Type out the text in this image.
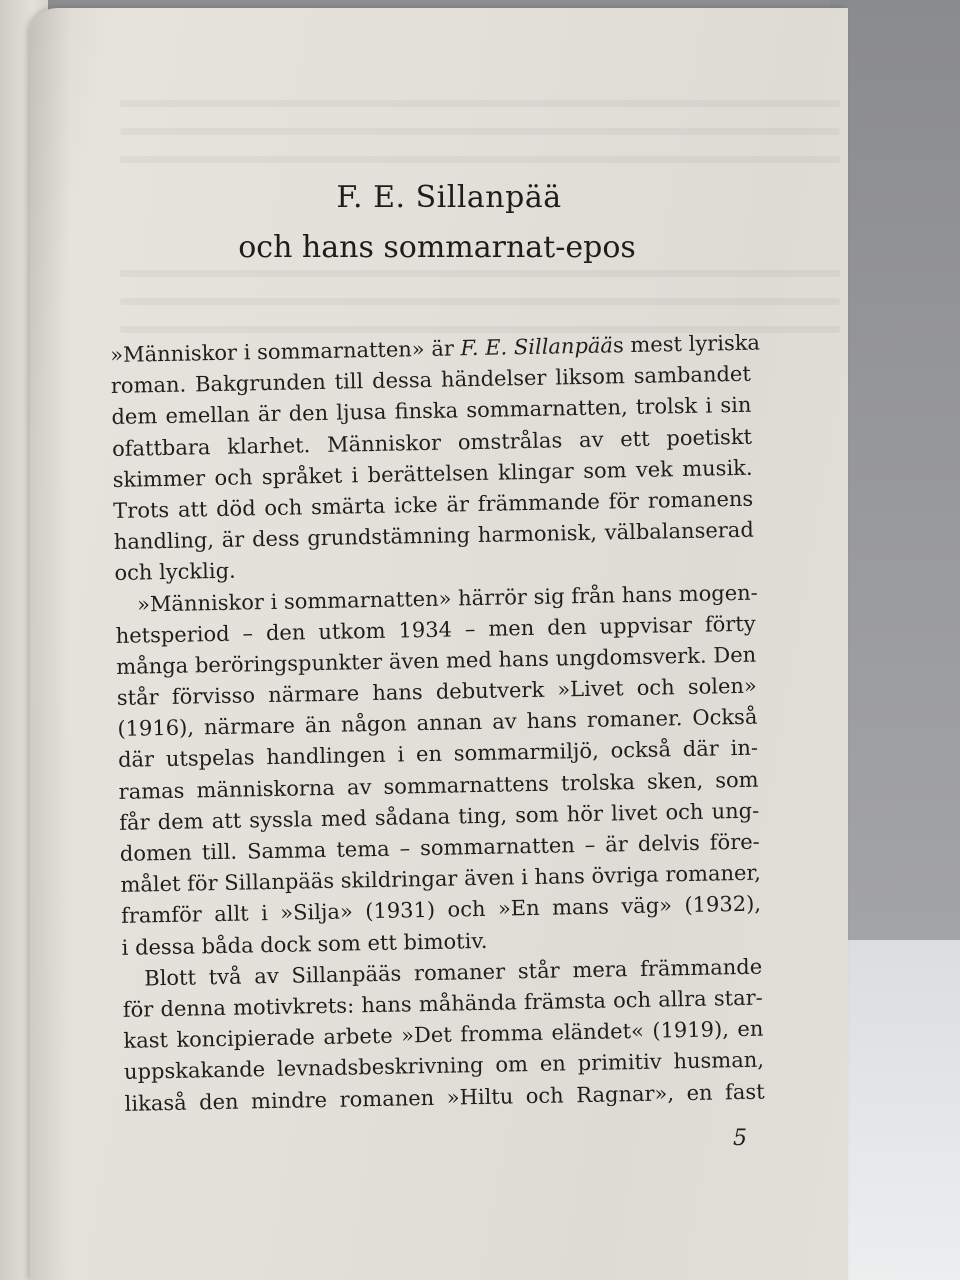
F. E. Sillanpää
och hans sommarnat-epos
5
»Människor i sommarnatten» är F. E. Sillanpääs mest lyriska
roman. Bakgrunden till dessa händelser liksom sambandet
dem emellan är den ljusa finska sommarnatten, trolsk i sin
ofattbara klarhet. Människor omstrålas av ett poetiskt
skimmer och språket i berättelsen klingar som vek musik.
Trots att död och smärta icke är främmande för romanens
handling, är dess grundstämning harmonisk, välbalanserad
och lycklig.
»Människor i sommarnatten» härrör sig från hans mogen-
hetsperiod – den utkom 1934 – men den uppvisar förty
många beröringspunkter även med hans ungdomsverk. Den
står förvisso närmare hans debutverk »Livet och solen»
(1916), närmare än någon annan av hans romaner. Också
där utspelas handlingen i en sommarmiljö, också där in-
ramas människorna av sommarnattens trolska sken, som
får dem att syssla med sådana ting, som hör livet och ung-
domen till. Samma tema – sommarnatten – är delvis före-
målet för Sillanpääs skildringar även i hans övriga romaner,
framför allt i »Silja» (1931) och »En mans väg» (1932),
i dessa båda dock som ett bimotiv.
Blott två av Sillanpääs romaner står mera främmande
för denna motivkrets: hans måhända främsta och allra star-
kast koncipierade arbete »Det fromma eländet« (1919), en
uppskakande levnadsbeskrivning om en primitiv husman,
likaså den mindre romanen »Hiltu och Ragnar», en fast
